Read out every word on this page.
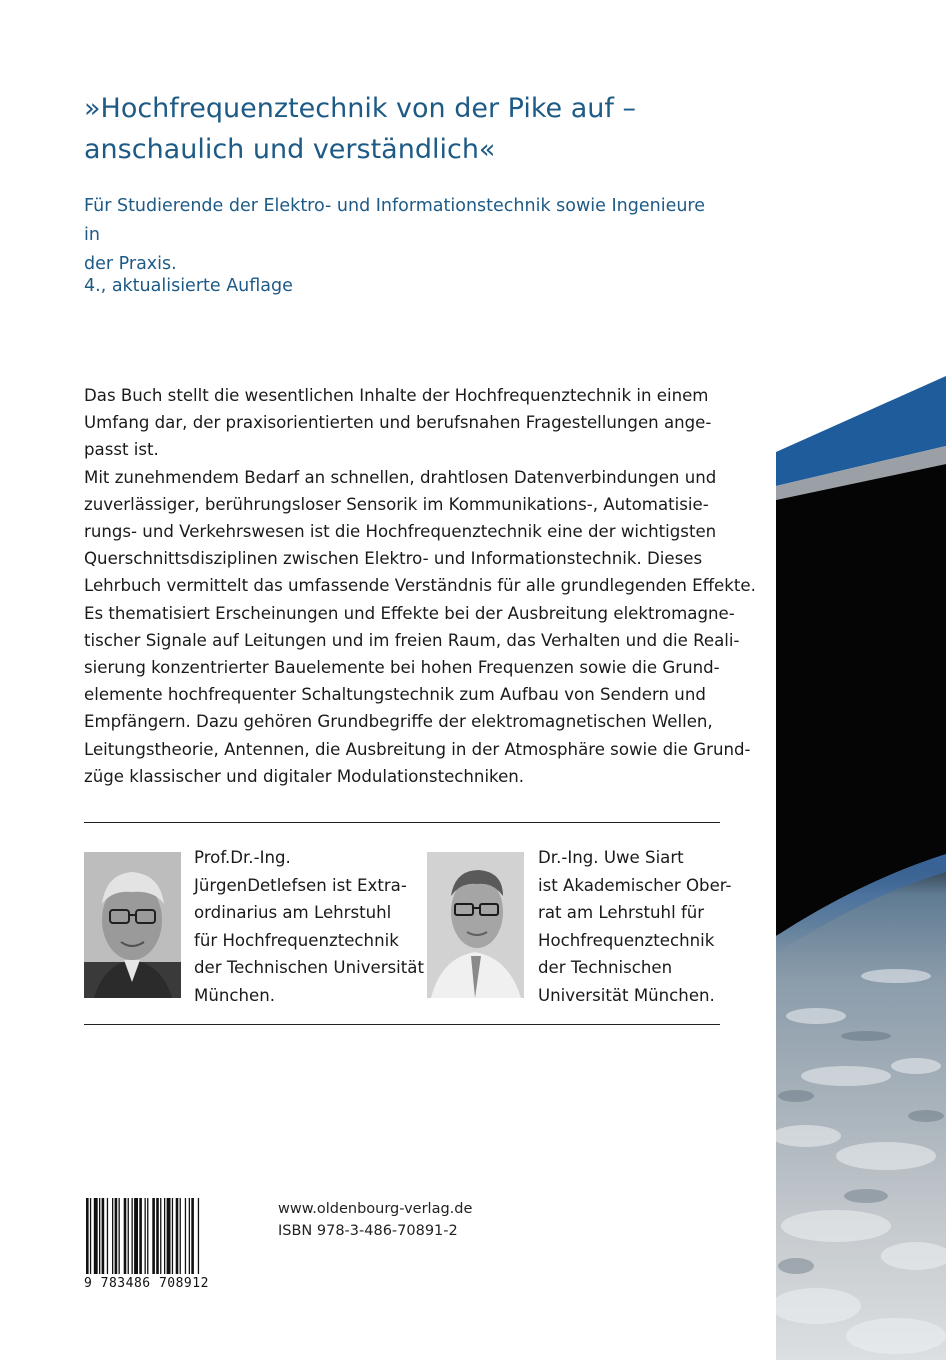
»Hochfrequenztechnik von der Pike auf –
anschaulich und verständlich«

Für Studierende der Elektro- und Informationstechnik sowie Ingenieure in
der Praxis.

4., aktualisierte Auflage

Das Buch stellt die wesentlichen Inhalte der Hochfrequenztechnik in einem
Umfang dar, der praxisorientierten und berufsnahen Fragestellungen ange-
passt ist.
Mit zunehmendem Bedarf an schnellen, drahtlosen Datenverbindungen und
zuverlässiger, berührungsloser Sensorik im Kommunikations-, Automatisie-
rungs- und Verkehrswesen ist die Hochfrequenztechnik eine der wichtigsten
Querschnittsdisziplinen zwischen Elektro- und Informationstechnik. Dieses
Lehrbuch vermittelt das umfassende Verständnis für alle grundlegenden Effekte.
Es thematisiert Erscheinungen und Effekte bei der Ausbreitung elektromagne-
tischer Signale auf Leitungen und im freien Raum, das Verhalten und die Reali-
sierung konzentrierter Bauelemente bei hohen Frequenzen sowie die Grund-
elemente hochfrequenter Schaltungstechnik zum Aufbau von Sendern und
Empfängern. Dazu gehören Grundbegriffe der elektromagnetischen Wellen,
Leitungstheorie, Antennen, die Ausbreitung in der Atmosphäre sowie die Grund-
züge klassischer und digitaler Modulationstechniken.

Prof.Dr.-Ing.
JürgenDetlefsen ist Extra-
ordinarius am Lehrstuhl
für Hochfrequenztechnik
der Technischen Universität
München.

Dr.-Ing. Uwe Siart
ist Akademischer Ober-
rat am Lehrstuhl für
Hochfrequenztechnik
der Technischen
Universität München.

9 783486 708912
www.oldenbourg-verlag.de
ISBN 978-3-486-70891-2
